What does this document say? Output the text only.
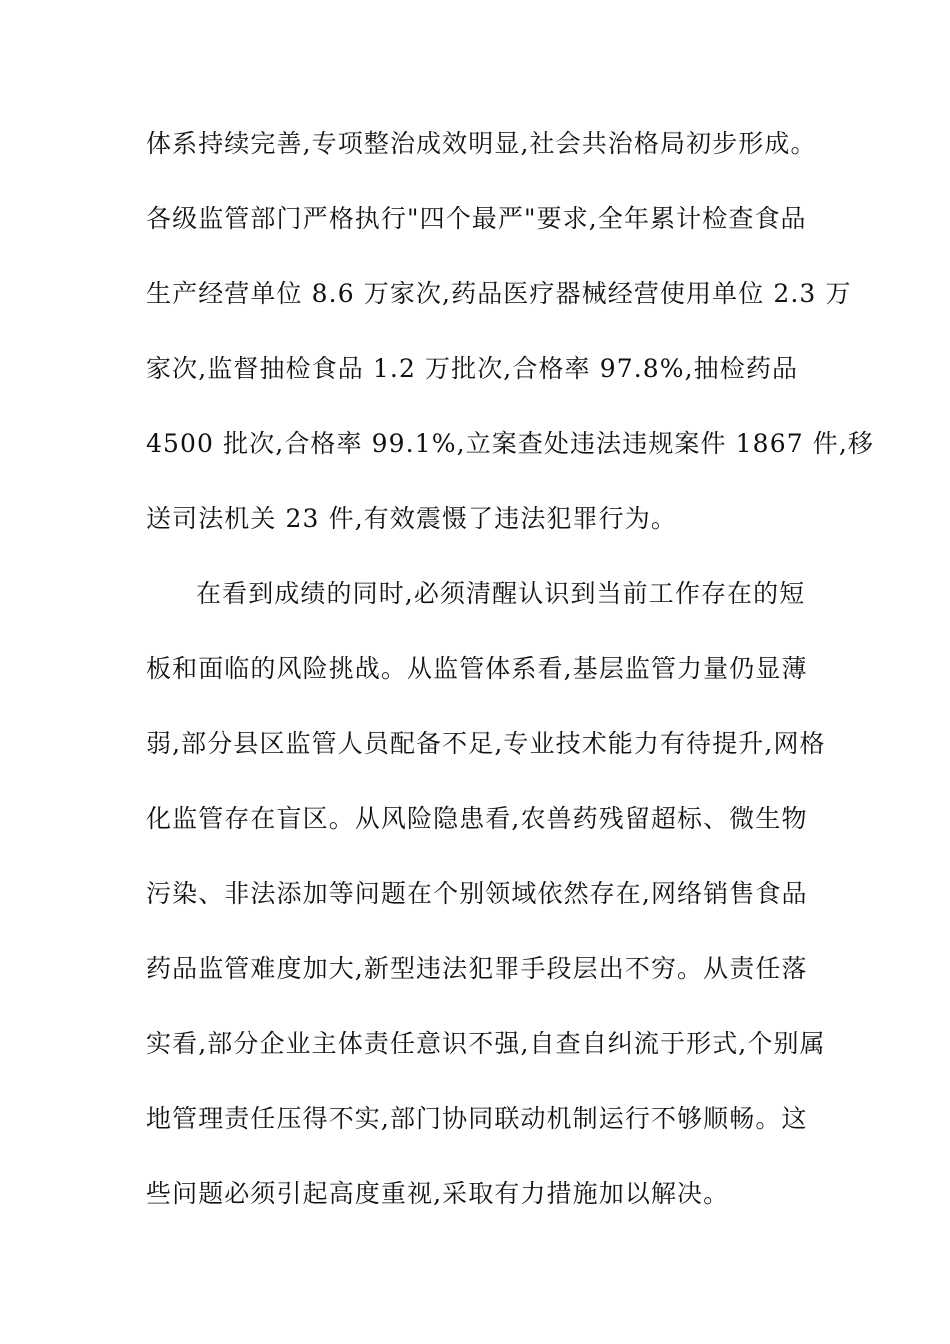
体系持续完善,专项整治成效明显,社会共治格局初步形成。
各级监管部门严格执行"四个最严"要求,全年累计检查食品
生产经营单位 8.6 万家次,药品医疗器械经营使用单位 2.3 万
家次,监督抽检食品 1.2 万批次,合格率 97.8%,抽检药品
4500 批次,合格率 99.1%,立案查处违法违规案件 1867 件,移
送司法机关 23 件,有效震慑了违法犯罪行为。
在看到成绩的同时,必须清醒认识到当前工作存在的短
板和面临的风险挑战。从监管体系看,基层监管力量仍显薄
弱,部分县区监管人员配备不足,专业技术能力有待提升,网格
化监管存在盲区。从风险隐患看,农兽药残留超标、微生物
污染、非法添加等问题在个别领域依然存在,网络销售食品
药品监管难度加大,新型违法犯罪手段层出不穷。从责任落
实看,部分企业主体责任意识不强,自查自纠流于形式,个别属
地管理责任压得不实,部门协同联动机制运行不够顺畅。这
些问题必须引起高度重视,采取有力措施加以解决。
